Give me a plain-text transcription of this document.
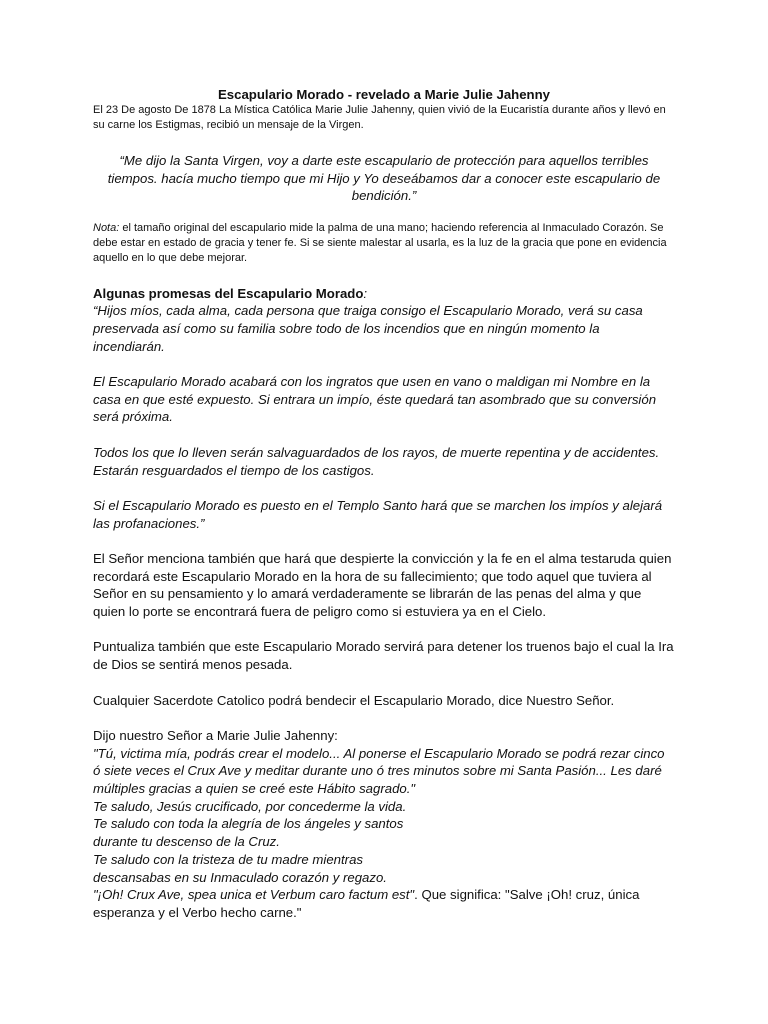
Escapulario Morado - revelado a Marie Julie Jahenny

El 23 De agosto De 1878 La Mística Católica Marie Julie Jahenny, quien vivió de la Eucaristía durante años y llevó en su carne los Estigmas, recibió un mensaje de la Virgen.

“Me dijo la Santa Virgen, voy a darte este escapulario de protección para aquellos terribles tiempos. hacía mucho tiempo que mi Hijo y Yo deseábamos dar a conocer este escapulario de bendición.”

Nota: el tamaño original del escapulario mide la palma de una mano; haciendo referencia al Inmaculado Corazón. Se debe estar en estado de gracia y tener fe. Si se siente malestar al usarla, es la luz de la gracia que pone en evidencia aquello en lo que debe mejorar.

Algunas promesas del Escapulario Morado:

“Hijos míos, cada alma, cada persona que traiga consigo el Escapulario Morado, verá su casa preservada así como su familia sobre todo de los incendios que en ningún momento la incendiarán.

El Escapulario Morado acabará con los ingratos que usen en vano o maldigan mi Nombre en la casa en que esté expuesto. Si entrara un impío, éste quedará tan asombrado que su conversión será próxima.

Todos los que lo lleven serán salvaguardados de los rayos, de muerte repentina y de accidentes. Estarán resguardados el tiempo de los castigos.

Si el Escapulario Morado es puesto en el Templo Santo hará que se marchen los impíos y alejará las profanaciones.”

El Señor menciona también que hará que despierte la convicción y la fe en el alma testaruda quien recordará este Escapulario Morado en la hora de su fallecimiento; que todo aquel que tuviera al Señor en su pensamiento y lo amará verdaderamente se librarán de las penas del alma y que quien lo porte se encontrará fuera de peligro como si estuviera ya en el Cielo.

Puntualiza también que este Escapulario Morado servirá para detener los truenos bajo el cual la Ira de Dios se sentirá menos pesada.

Cualquier Sacerdote Catolico podrá bendecir el Escapulario Morado, dice Nuestro Señor.

Dijo nuestro Señor a Marie Julie Jahenny:

"Tú, victima mía, podrás crear el modelo... Al ponerse el Escapulario Morado se podrá rezar cinco ó siete veces el Crux Ave y meditar durante uno ó tres minutos sobre mi Santa Pasión... Les daré múltiples gracias a quien se creé este Hábito sagrado."

Te saludo, Jesús crucificado, por concederme la vida.
Te saludo con toda la alegría de los ángeles y santos
durante tu descenso de la Cruz.
Te saludo con la tristeza de tu madre mientras
descansabas en su Inmaculado corazón y regazo.

"¡Oh! Crux Ave, spea unica et Verbum caro factum est". Que significa: "Salve ¡Oh! cruz, única esperanza y el Verbo hecho carne."
